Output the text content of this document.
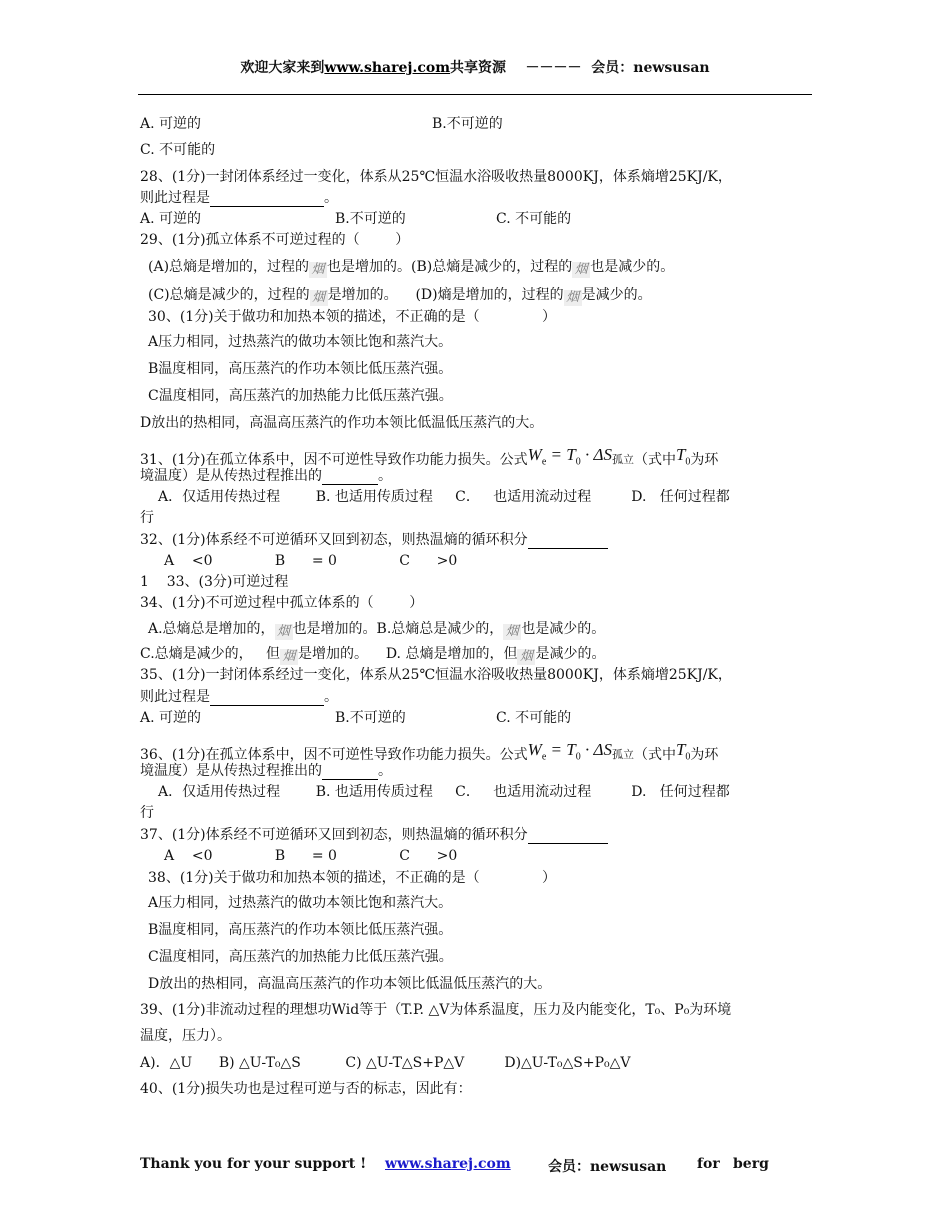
欢迎大家来到www.sharej.com共享资源    －－－－  会员：newsusan
A. 可逆的	B.不可逆的
C. 不可能的
28、(1分)一封闭体系经过一变化，体系从25℃恒温水浴吸收热量8000KJ，体系熵增25KJ/K，
则此过程是	。
A. 可逆的	B.不可逆的	C. 不可能的
29、(1分)孤立体系不可逆过程的（        ）
(A)总熵是增加的，过程的 烟 也是增加的。(B)总熵是减少的，过程的 烟 也是减少的。
(C)总熵是减少的，过程的 烟 是增加的。    (D)熵是增加的，过程的 烟 是减少的。
30、(1分)关于做功和加热本领的描述，不正确的是（              ）
A压力相同，过热蒸汽的做功本领比饱和蒸汽大。
B温度相同，高压蒸汽的作功本领比低压蒸汽强。
C温度相同，高压蒸汽的加热能力比低压蒸汽强。
D放出的热相同，高温高压蒸汽的作功本领比低温低压蒸汽的大。
31、(1分)在孤立体系中，因不可逆性导致作功能力损失。公式$W_e = T_0 \cdot \Delta S$孤立（式中$T_0$为环
境温度）是从传热过程推出的	。
A．仅适用传热过程        B. 也适用传质过程     C．   也适用流动过程         D.   任何过程都
行
32、(1分)体系经不可逆循环又回到初态，则热温熵的循环积分
A    <0              B      = 0              C      >0
1    33、(3分)可逆过程
34、(1分)不可逆过程中孤立体系的（        ）
A.总熵总是增加的， 烟 也是增加的。B.总熵总是减少的， 烟 也是减少的。
C.总熵是减少的，   但 烟 是增加的。    D. 总熵是增加的，但 烟 是减少的。
35、(1分)一封闭体系经过一变化，体系从25℃恒温水浴吸收热量8000KJ，体系熵增25KJ/K，
则此过程是	。
A. 可逆的	B.不可逆的	C. 不可能的
36、(1分)在孤立体系中，因不可逆性导致作功能力损失。公式$W_e = T_0 \cdot \Delta S$孤立（式中$T_0$为环
境温度）是从传热过程推出的	。
A．仅适用传热过程        B. 也适用传质过程     C．   也适用流动过程         D.   任何过程都
行
37、(1分)体系经不可逆循环又回到初态，则热温熵的循环积分
A    <0              B      = 0              C      >0
38、(1分)关于做功和加热本领的描述，不正确的是（              ）
A压力相同，过热蒸汽的做功本领比饱和蒸汽大。
B温度相同，高压蒸汽的作功本领比低压蒸汽强。
C温度相同，高压蒸汽的加热能力比低压蒸汽强。
D放出的热相同，高温高压蒸汽的作功本领比低温低压蒸汽的大。
39、(1分)非流动过程的理想功Wid等于（T.P. △V为体系温度，压力及内能变化，T₀、P₀为环境
温度，压力）。
A)．△U      B) △U-T₀△S          C) △U-T△S+P△V         D)△U-T₀△S+P₀△V
40、(1分)损失功也是过程可逆与否的标志，因此有：
Thank you for your support ! www.sharej.com	会员：newsusan for berg
